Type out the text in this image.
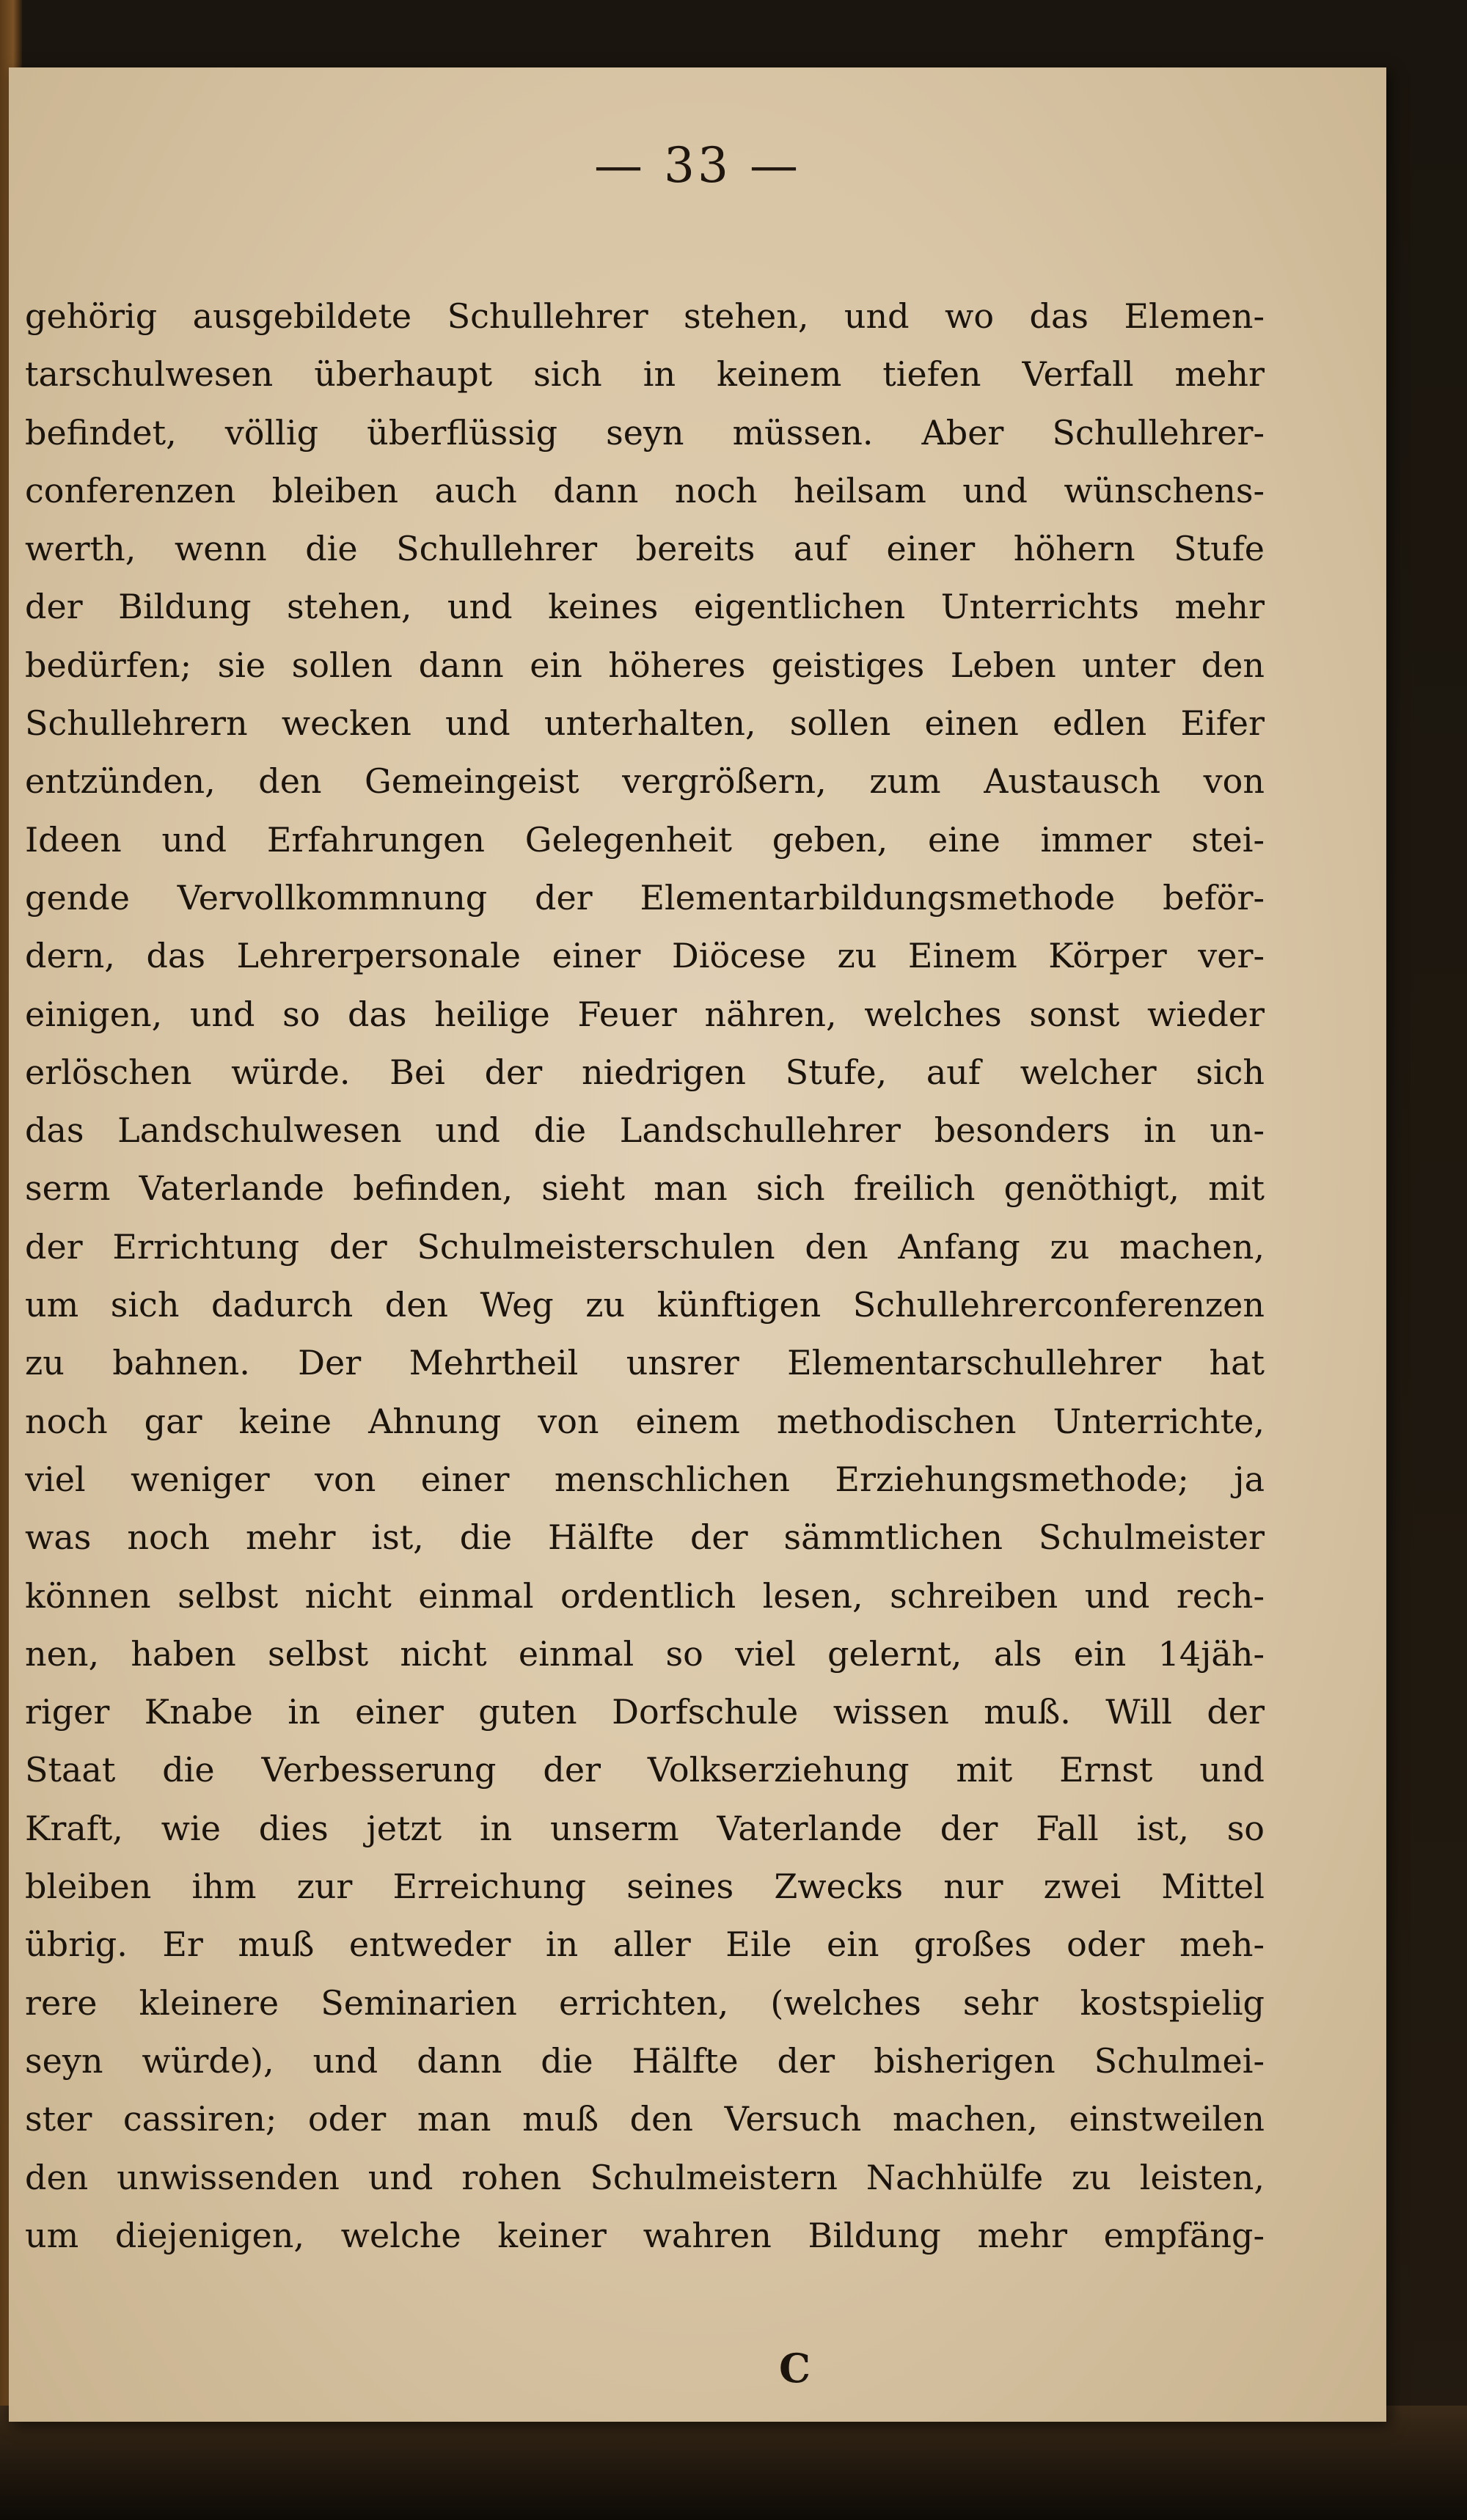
— 33 —
gehörig ausgebildete Schullehrer stehen, und wo das Elemen-
tarschulwesen überhaupt sich in keinem tiefen Verfall mehr
befindet, völlig überflüssig seyn müssen. Aber Schullehrer-
conferenzen bleiben auch dann noch heilsam und wünschens-
werth, wenn die Schullehrer bereits auf einer höhern Stufe
der Bildung stehen, und keines eigentlichen Unterrichts mehr
bedürfen; sie sollen dann ein höheres geistiges Leben unter den
Schullehrern wecken und unterhalten, sollen einen edlen Eifer
entzünden, den Gemeingeist vergrößern, zum Austausch von
Ideen und Erfahrungen Gelegenheit geben, eine immer stei-
gende Vervollkommnung der Elementarbildungsmethode beför-
dern, das Lehrerpersonale einer Diöcese zu Einem Körper ver-
einigen, und so das heilige Feuer nähren, welches sonst wieder
erlöschen würde. Bei der niedrigen Stufe, auf welcher sich
das Landschulwesen und die Landschullehrer besonders in un-
serm Vaterlande befinden, sieht man sich freilich genöthigt, mit
der Errichtung der Schulmeisterschulen den Anfang zu machen,
um sich dadurch den Weg zu künftigen Schullehrerconferenzen
zu bahnen. Der Mehrtheil unsrer Elementarschullehrer hat
noch gar keine Ahnung von einem methodischen Unterrichte,
viel weniger von einer menschlichen Erziehungsmethode; ja
was noch mehr ist, die Hälfte der sämmtlichen Schulmeister
können selbst nicht einmal ordentlich lesen, schreiben und rech-
nen, haben selbst nicht einmal so viel gelernt, als ein 14jäh-
riger Knabe in einer guten Dorfschule wissen muß. Will der
Staat die Verbesserung der Volkserziehung mit Ernst und
Kraft, wie dies jetzt in unserm Vaterlande der Fall ist, so
bleiben ihm zur Erreichung seines Zwecks nur zwei Mittel
übrig. Er muß entweder in aller Eile ein großes oder meh-
rere kleinere Seminarien errichten, (welches sehr kostspielig
seyn würde), und dann die Hälfte der bisherigen Schulmei-
ster cassiren; oder man muß den Versuch machen, einstweilen
den unwissenden und rohen Schulmeistern Nachhülfe zu leisten,
um diejenigen, welche keiner wahren Bildung mehr empfäng-
C
